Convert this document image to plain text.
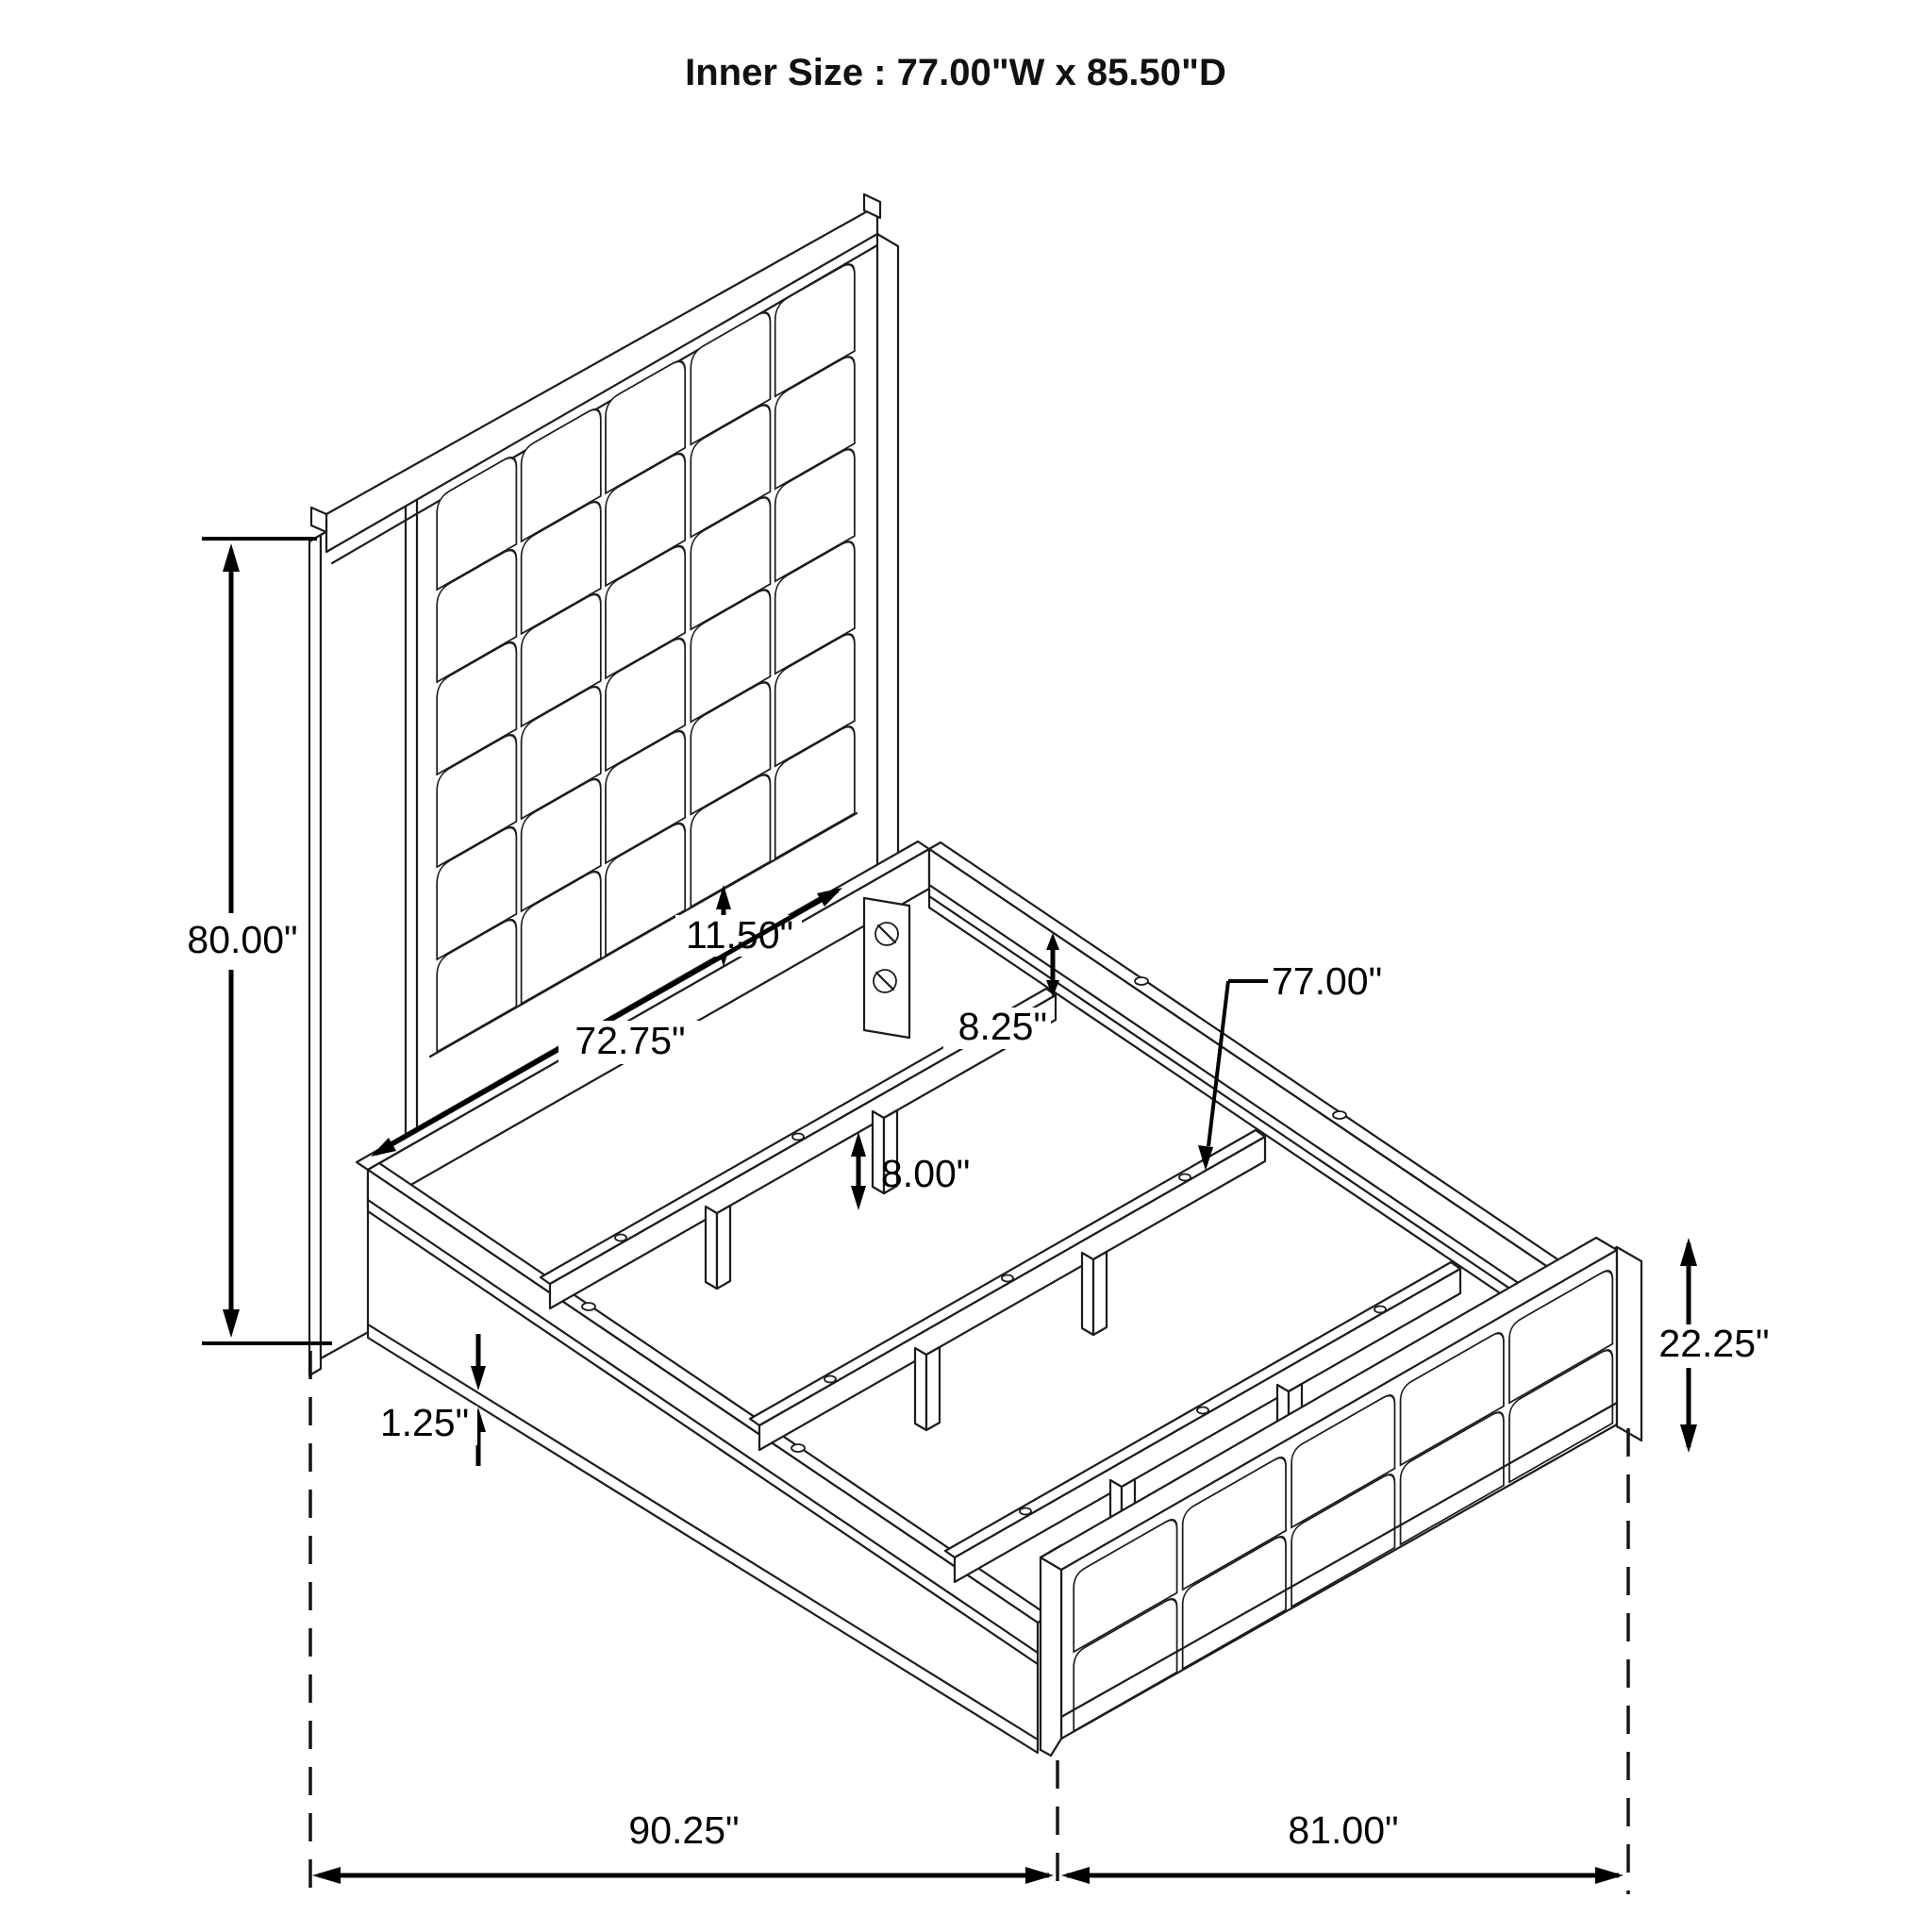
80.00"	11.50"
72.75"	8.25"
77.00"
8.00"
1.25"
22.25"
90.25"	81.00"
Inner Size : 77.00"W x 85.50"D
